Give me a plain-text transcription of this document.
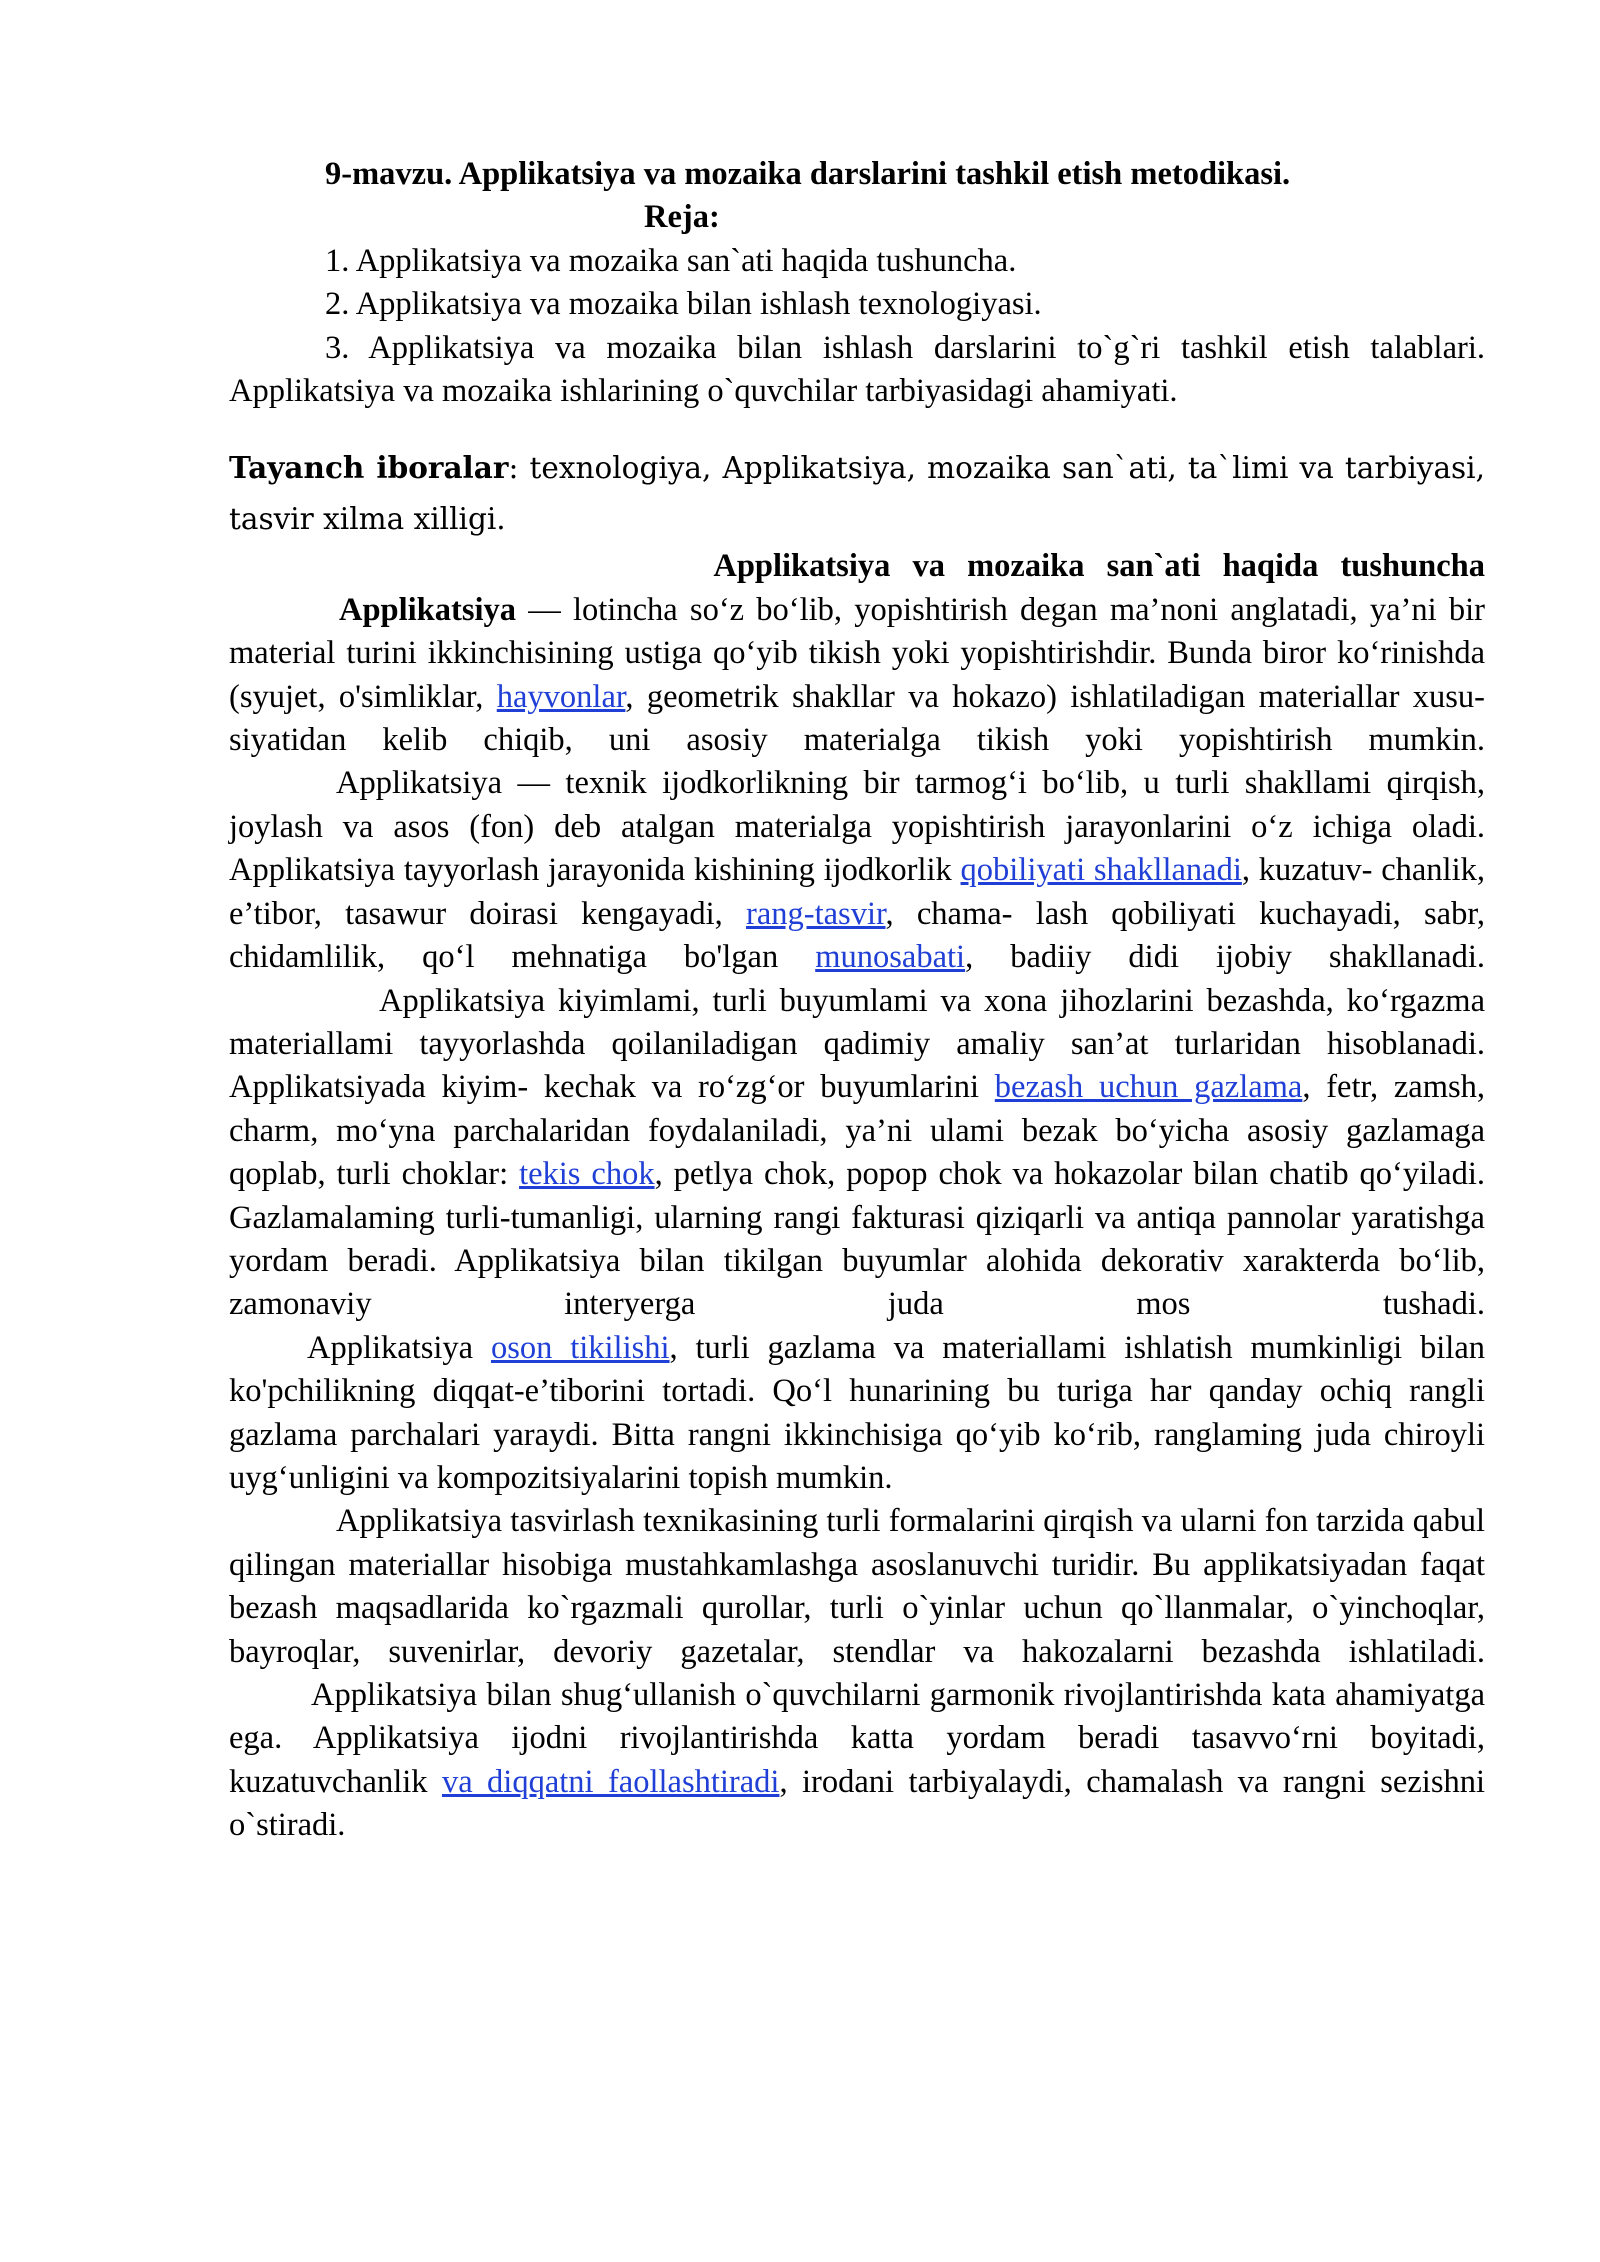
9-mavzu. Applikatsiya va mozaika darslarini tashkil etish metodikasi.

Reja:

1. Applikatsiya va mozaika san`ati haqida tushuncha.

2. Applikatsiya va mozaika bilan ishlash texnologiyasi.

3. Applikatsiya va mozaika bilan ishlash darslarini to`g`ri tashkil etish talablari. Applikatsiya va mozaika ishlarining o`quvchilar tarbiyasidagi ahamiyati.

Tayanch iboralar: texnologiya, Applikatsiya, mozaika san`ati, ta`limi va tarbiyasi, tasvir xilma xilligi.

Applikatsiya va mozaika san`ati haqida tushuncha

Applikatsiya — lotincha so‘z bo‘lib, yopishtirish degan ma’noni anglatadi, ya’ni bir material turini ikkinchisining ustiga qo‘yib tikish yoki yopishtirishdir. Bunda biror ko‘rinishda (syujet, o'simliklar, hayvonlar, geometrik shakllar va hokazo) ishlatiladigan materiallar xususiyatidan kelib chiqib, uni asosiy materialga tikish yoki yopishtirish mumkin.

Applikatsiya — texnik ijodkorlikning bir tarmog‘i bo‘lib, u turli shakllami qirqish, joylash va asos (fon) deb atalgan materialga yopishtirish jarayonlarini o‘z ichiga oladi. Applikatsiya tayyorlash jarayonida kishining ijodkorlik qobiliyati shakllanadi, kuzatuv- chanlik, e’tibor, tasawur doirasi kengayadi, rang-tasvir, chama- lash qobiliyati kuchayadi, sabr, chidamlilik, qo‘l mehnatiga bo'lgan munosabati, badiiy didi ijobiy shakllanadi.

Applikatsiya kiyimlami, turli buyumlami va xona jihozlarini bezashda, ko‘rgazma materiallami tayyorlashda qoilaniladigan qadimiy amaliy san’at turlaridan hisoblanadi. Applikatsiyada kiyim- kechak va ro‘zg‘or buyumlarini bezash uchun gazlama, fetr, zamsh, charm, mo‘yna parchalaridan foydalaniladi, ya’ni ulami bezak bo‘yicha asosiy gazlamaga qoplab, turli choklar: tekis chok, petlya chok, popop chok va hokazolar bilan chatib qo‘yiladi. Gazlamalaming turli-tumanligi, ularning rangi fakturasi qiziqarli va antiqa pannolar yaratishga yordam beradi. Applikatsiya bilan tikilgan buyumlar alohida dekorativ xarakterda bo‘lib, zamonaviy interyerga juda mos tushadi.

Applikatsiya oson tikilishi, turli gazlama va materiallami ishlatish mumkinligi bilan ko'pchilikning diqqat-e’tiborini tortadi. Qo‘l hunarining bu turiga har qanday ochiq rangli gazlama parchalari yaraydi. Bitta rangni ikkinchisiga qo‘yib ko‘rib, ranglaming juda chiroyli uyg‘unligini va kompozitsiyalarini topish mumkin.

Applikatsiya tasvirlash texnikasining turli formalarini qirqish va ularni fon tarzida qabul qilingan materiallar hisobiga mustahkamlashga asoslanuvchi turidir. Bu applikatsiyadan faqat bezash maqsadlarida ko`rgazmali qurollar, turli o`yinlar uchun qo`llanmalar, o`yinchoqlar, bayroqlar, suvenirlar, devoriy gazetalar, stendlar va hakozalarni bezashda ishlatiladi.

Applikatsiya bilan shug‘ullanish o`quvchilarni garmonik rivojlantirishda kata ahamiyatga ega. Applikatsiya ijodni rivojlantirishda katta yordam beradi tasavvo‘rni boyitadi, kuzatuvchanlik va diqqatni faollashtiradi, irodani tarbiyalaydi, chamalash va rangni sezishni o`stiradi.
